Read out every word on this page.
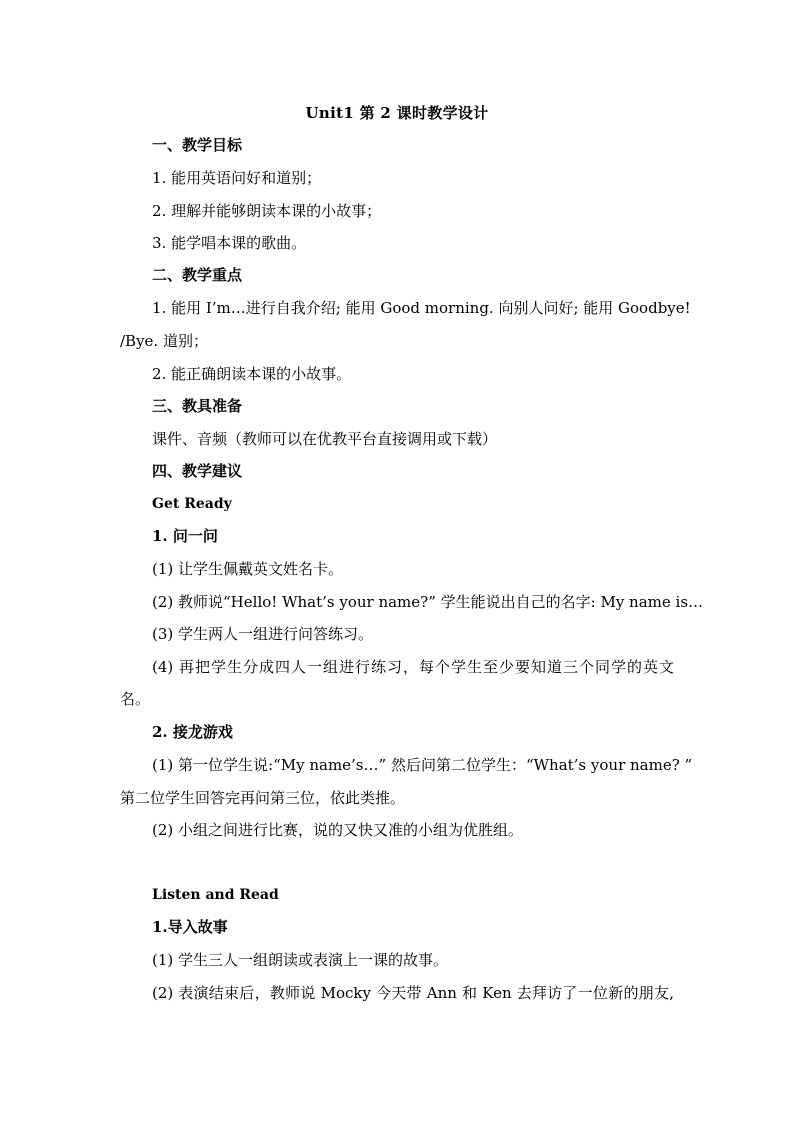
Unit1 第 2 课时教学设计
一、教学目标
1. 能用英语问好和道别；
2. 理解并能够朗读本课的小故事；
3. 能学唱本课的歌曲。
二、教学重点
1. 能用 I’m…进行自我介绍; 能用 Good morning. 向别人问好; 能用 Goodbye!
/Bye. 道别；
2. 能正确朗读本课的小故事。
三、教具准备
课件、音频（教师可以在优教平台直接调用或下载）
四、教学建议
Get Ready
1. 问一问
(1) 让学生佩戴英文姓名卡。
(2) 教师说“Hello! What’s your name?” 学生能说出自己的名字: My name is…
(3) 学生两人一组进行问答练习。
(4) 再把学生分成四人一组进行练习，每个学生至少要知道三个同学的英文
名。
2. 接龙游戏
(1) 第一位学生说:“My name’s…” 然后问第二位学生：“What’s your name? ”
第二位学生回答完再问第三位，依此类推。
(2) 小组之间进行比赛，说的又快又准的小组为优胜组。
Listen and Read
1.导入故事
(1) 学生三人一组朗读或表演上一课的故事。
(2) 表演结束后，教师说 Mocky 今天带 Ann 和 Ken 去拜访了一位新的朋友,
